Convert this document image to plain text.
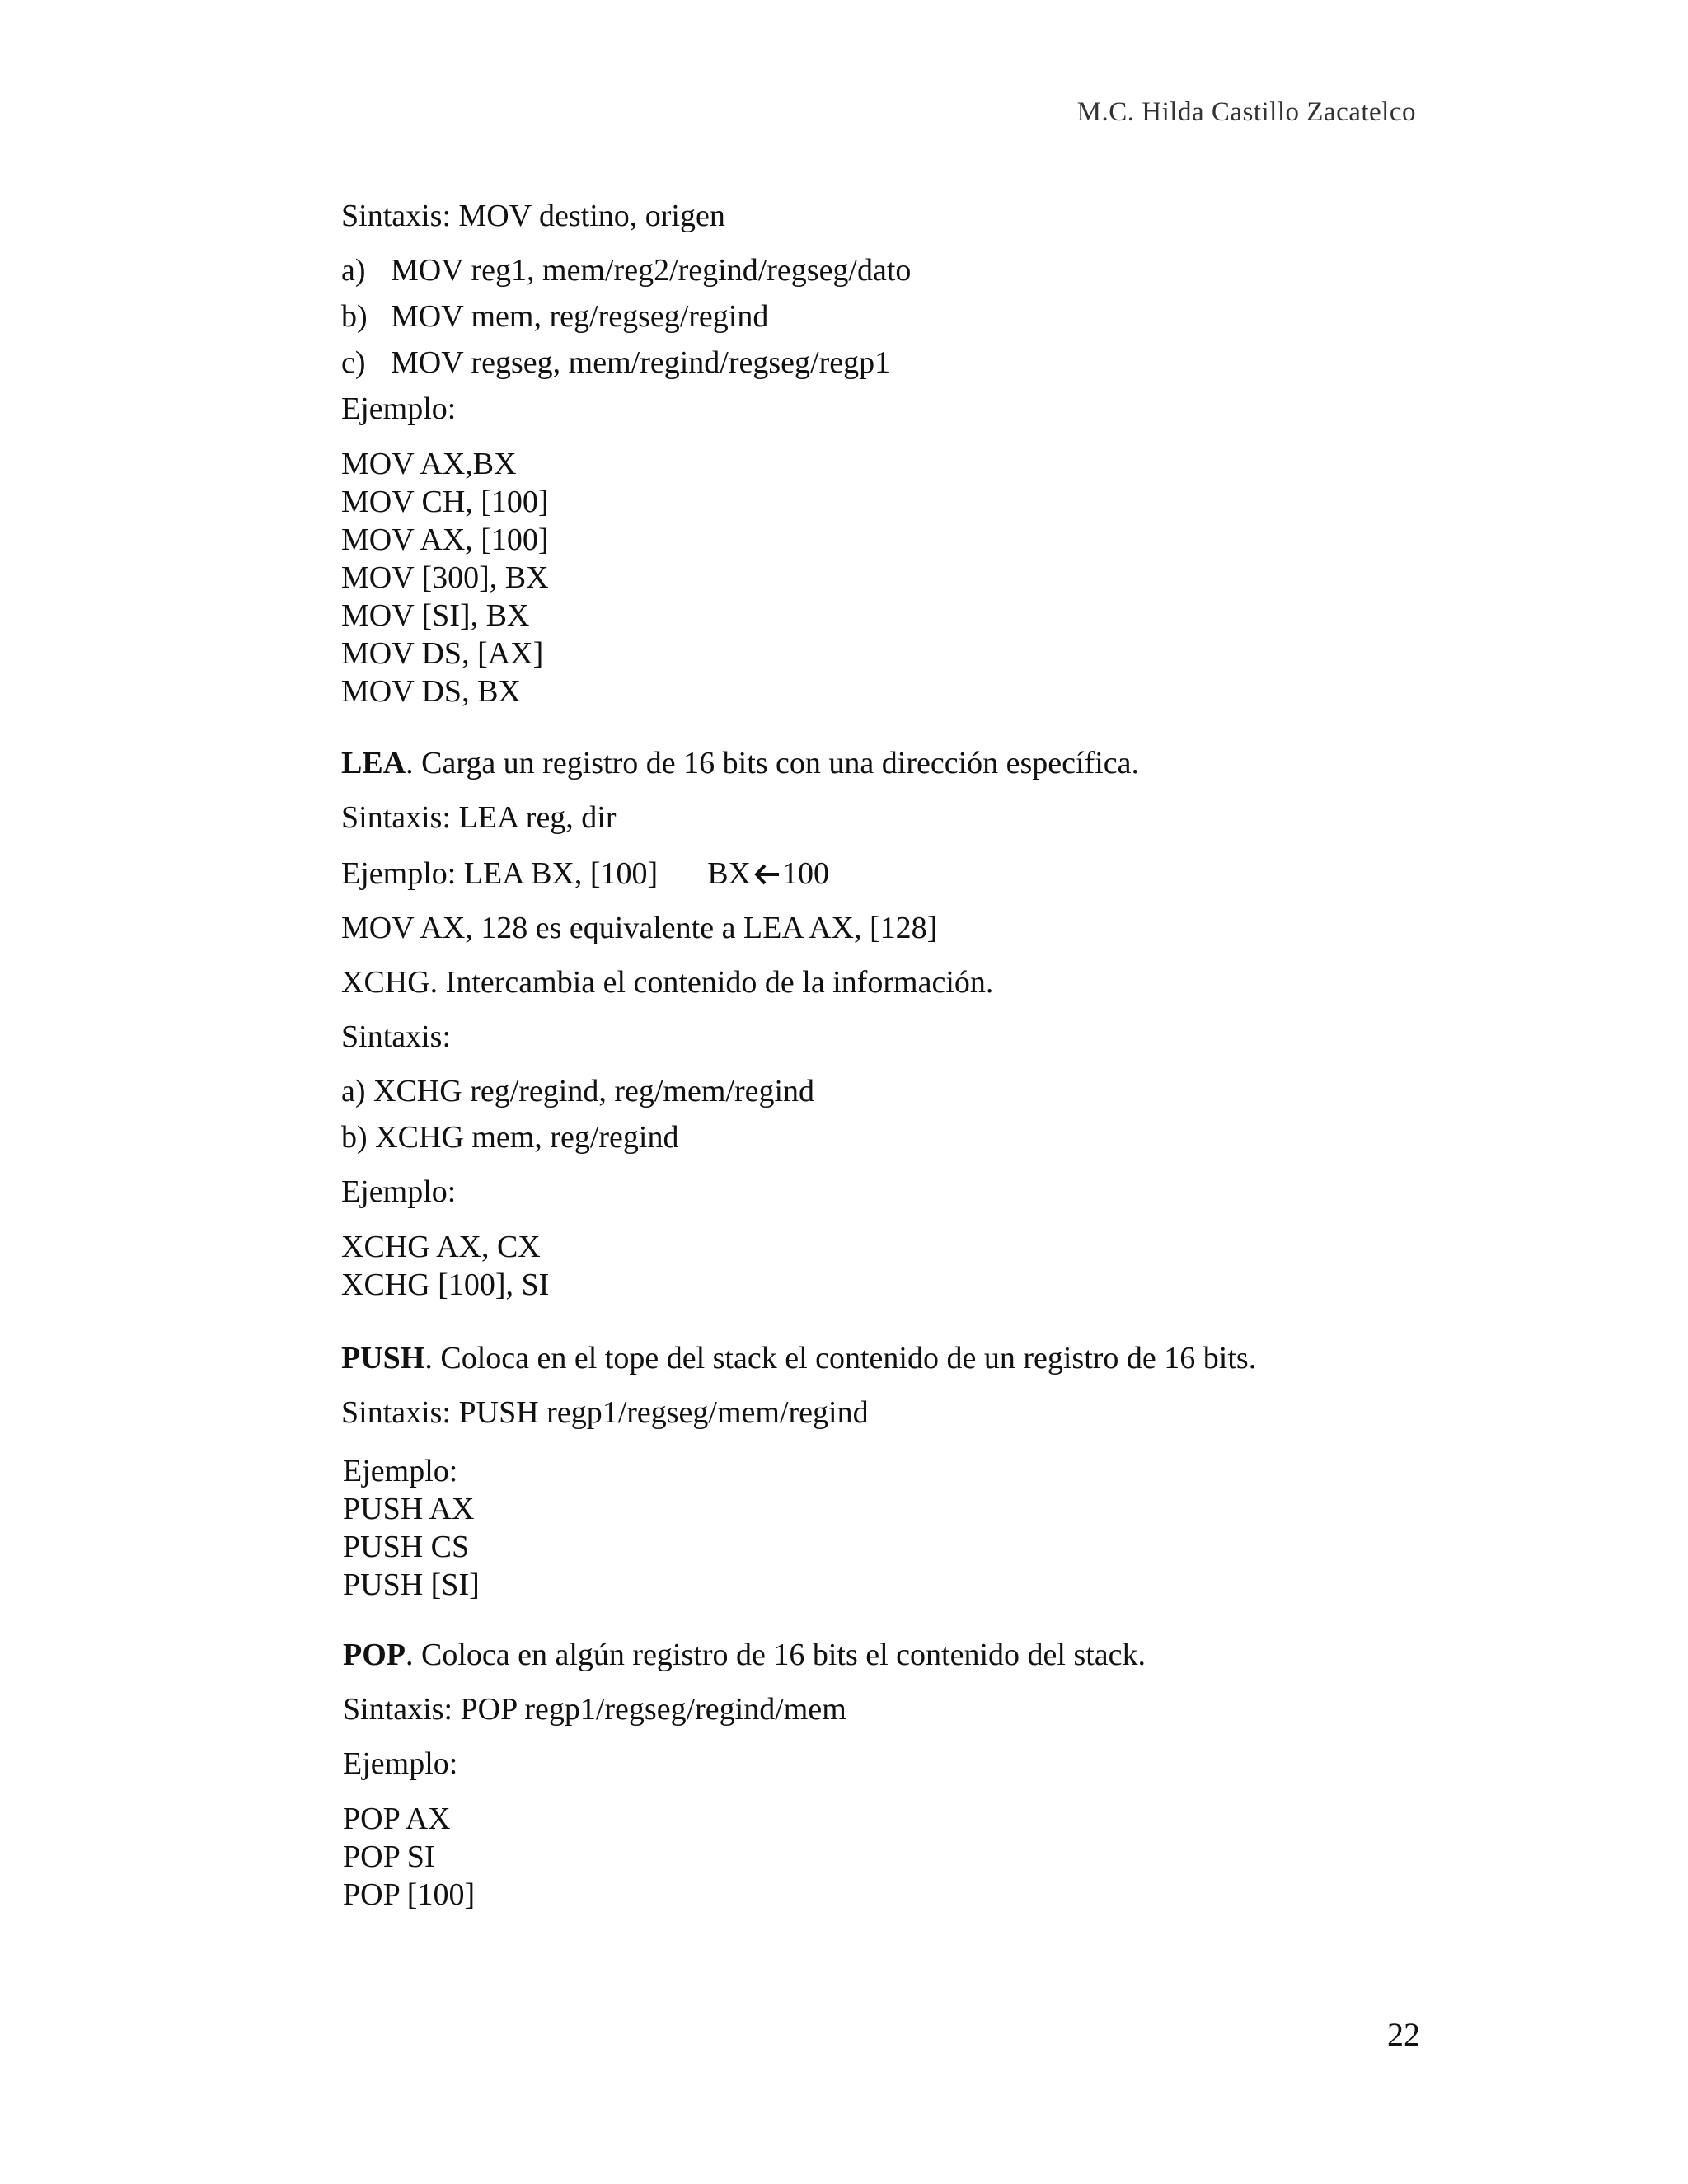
M.C. Hilda Castillo Zacatelco
Sintaxis: MOV destino, origen
a) MOV reg1, mem/reg2/regind/regseg/dato
b) MOV mem, reg/regseg/regind
c) MOV regseg, mem/regind/regseg/regp1
Ejemplo:
MOV AX,BX
MOV CH, [100]
MOV AX, [100]
MOV [300], BX
MOV [SI], BX
MOV DS, [AX]
MOV DS, BX
LEA. Carga un registro de 16 bits con una dirección específica.
Sintaxis: LEA reg, dir
Ejemplo: LEA BX, [100] BX 100
MOV AX, 128 es equivalente a LEA AX, [128]
XCHG. Intercambia el contenido de la información.
Sintaxis:
a) XCHG reg/regind, reg/mem/regind
b) XCHG mem, reg/regind
Ejemplo:
XCHG AX, CX
XCHG [100], SI
PUSH. Coloca en el tope del stack el contenido de un registro de 16 bits.
Sintaxis: PUSH regp1/regseg/mem/regind
Ejemplo:
PUSH AX
PUSH CS
PUSH [SI]
POP. Coloca en algún registro de 16 bits el contenido del stack.
Sintaxis: POP regp1/regseg/regind/mem
Ejemplo:
POP AX
POP SI
POP [100]
22
